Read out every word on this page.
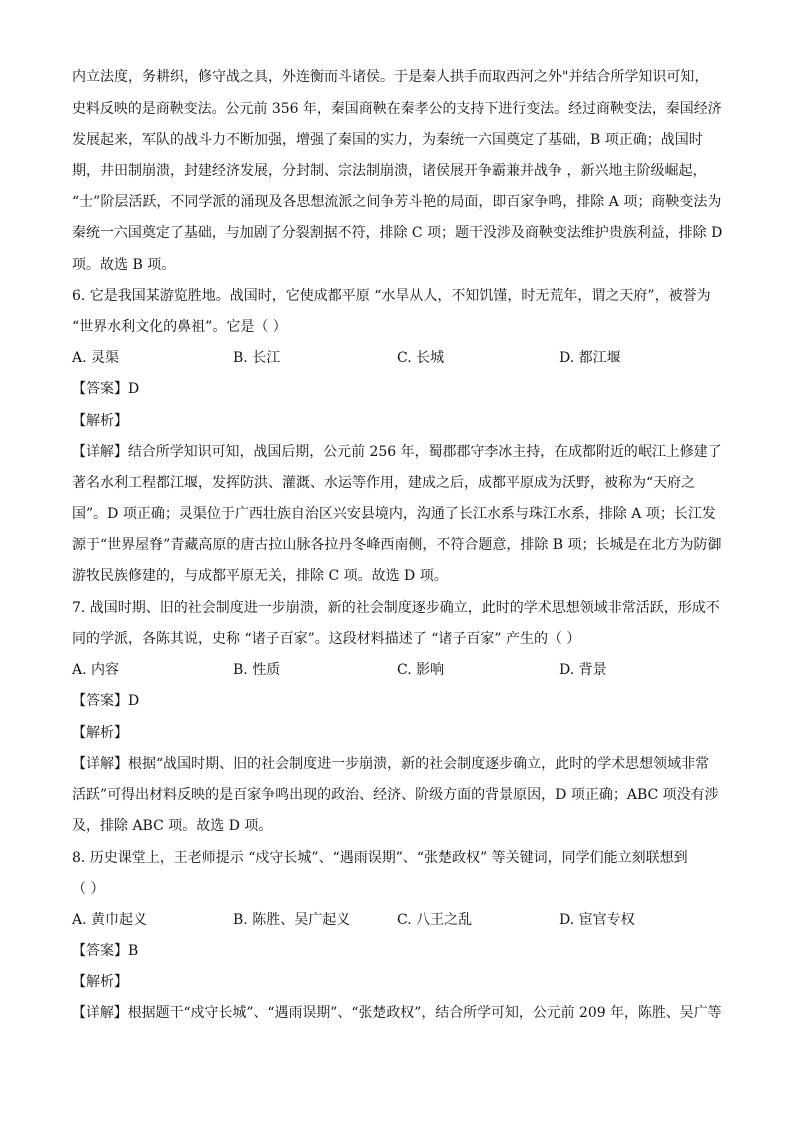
内立法度，务耕织，修守战之具，外连衡而斗诸侯。于是秦人拱手而取西河之外"并结合所学知识可知，
史料反映的是商鞅变法。公元前 356 年，秦国商鞅在秦孝公的支持下进行变法。经过商鞅变法，秦国经济
发展起来，军队的战斗力不断加强，增强了秦国的实力，为秦统一六国奠定了基础，B 项正确；战国时
期，井田制崩溃，封建经济发展，分封制、宗法制崩溃，诸侯展开争霸兼并战争 ，新兴地主阶级崛起，
“士”阶层活跃，不同学派的涌现及各思想流派之间争芳斗艳的局面，即百家争鸣，排除 A 项；商鞅变法为
秦统一六国奠定了基础，与加剧了分裂割据不符，排除 C 项；题干没涉及商鞅变法维护贵族利益，排除 D
项。故选 B 项。
6. 它是我国某游览胜地。战国时，它使成都平原 “水旱从人，不知饥馑，时无荒年，谓之天府”，被誉为
“世界水利文化的鼻祖”。它是（ ）
A. 灵渠	B. 长江	C. 长城	D. 都江堰
【答案】D
【解析】
【详解】结合所学知识可知，战国后期，公元前 256 年，蜀郡郡守李冰主持，在成都附近的岷江上修建了
著名水利工程都江堰，发挥防洪、灌溉、水运等作用，建成之后，成都平原成为沃野，被称为“天府之
国”。D 项正确；灵渠位于广西壮族自治区兴安县境内，沟通了长江水系与珠江水系，排除 A 项；长江发
源于“世界屋脊”青藏高原的唐古拉山脉各拉丹冬峰西南侧，不符合题意，排除 B 项；长城是在北方为防御
游牧民族修建的，与成都平原无关，排除 C 项。故选 D 项。
7. 战国时期、旧的社会制度进一步崩溃，新的社会制度逐步确立，此时的学术思想领域非常活跃，形成不
同的学派，各陈其说，史称 “诸子百家”。这段材料描述了 “诸子百家” 产生的（ ）
A. 内容	B. 性质	C. 影响	D. 背景
【答案】D
【解析】
【详解】根据“战国时期、旧的社会制度进一步崩溃，新的社会制度逐步确立，此时的学术思想领域非常
活跃”可得出材料反映的是百家争鸣出现的政治、经济、阶级方面的背景原因，D 项正确；ABC 项没有涉
及，排除 ABC 项。故选 D 项。
8. 历史课堂上，王老师提示 “戍守长城”、“遇雨误期”、“张楚政权” 等关键词，同学们能立刻联想到
（ ）
A. 黄巾起义	B. 陈胜、吴广起义	C. 八王之乱	D. 宦官专权
【答案】B
【解析】
【详解】根据题干“戍守长城”、“遇雨误期”、“张楚政权”，结合所学可知，公元前 209 年，陈胜、吴广等
